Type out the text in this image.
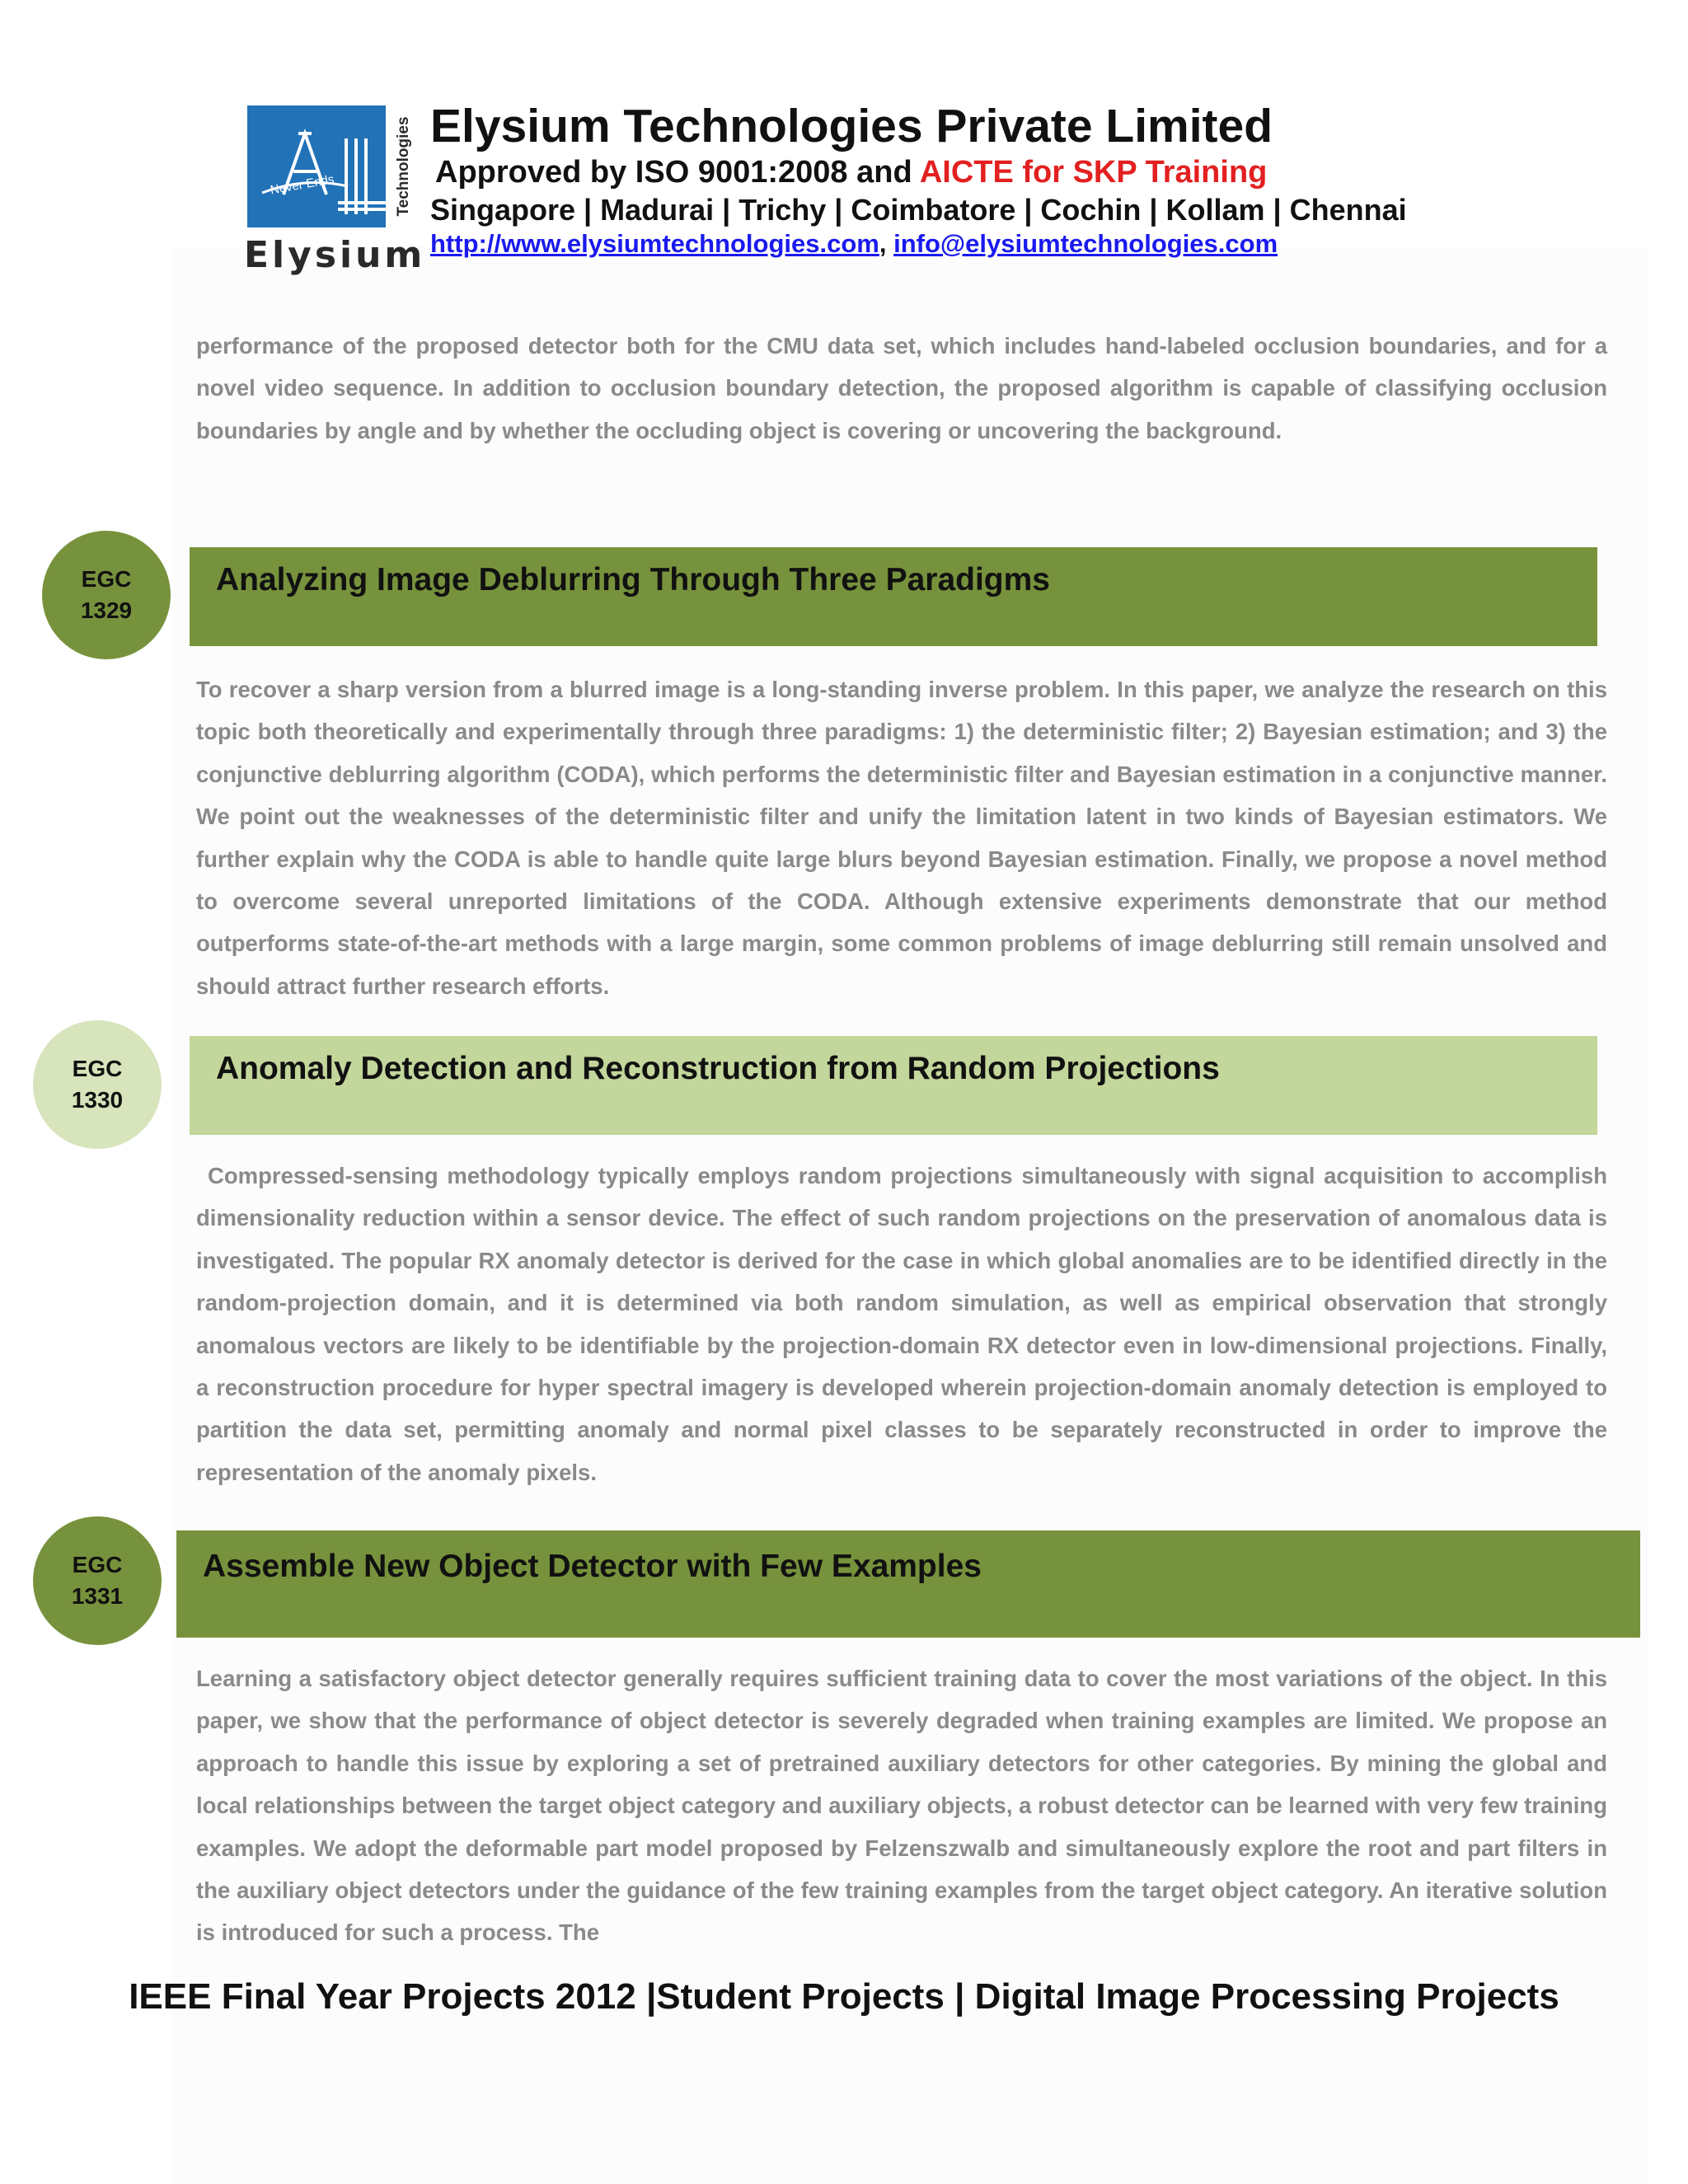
Never Ends	Technologies
Elysium
Elysium Technologies Private Limited
Approved by ISO 9001:2008 and AICTE for SKP Training
Singapore | Madurai | Trichy | Coimbatore | Cochin | Kollam | Chennai
http://www.elysiumtechnologies.com, info@elysiumtechnologies.com

performance of the proposed detector both for the CMU data set, which includes hand-labeled occlusion boundaries, and for a novel video sequence. In addition to occlusion boundary detection, the proposed algorithm is capable of classifying occlusion boundaries by angle and by whether the occluding object is covering or uncovering the background.

Analyzing Image Deblurring Through Three Paradigms
EGC
1329

To recover a sharp version from a blurred image is a long-standing inverse problem. In this paper, we analyze the research on this topic both theoretically and experimentally through three paradigms: 1) the deterministic filter; 2) Bayesian estimation; and 3) the conjunctive deblurring algorithm (CODA), which performs the deterministic filter and Bayesian estimation in a conjunctive manner. We point out the weaknesses of the deterministic filter and unify the limitation latent in two kinds of Bayesian estimators. We further explain why the CODA is able to handle quite large blurs beyond Bayesian estimation. Finally, we propose a novel method to overcome several unreported limitations of the CODA. Although extensive experiments demonstrate that our method outperforms state-of-the-art methods with a large margin, some common problems of image deblurring still remain unsolved and should attract further research efforts.

Anomaly Detection and Reconstruction from Random Projections
EGC
1330

Compressed-sensing methodology typically employs random projections simultaneously with signal acquisition to accomplish dimensionality reduction within a sensor device. The effect of such random projections on the preservation of anomalous data is investigated. The popular RX anomaly detector is derived for the case in which global anomalies are to be identified directly in the random-projection domain, and it is determined via both random simulation, as well as empirical observation that strongly anomalous vectors are likely to be identifiable by the projection-domain RX detector even in low-dimensional projections. Finally, a reconstruction procedure for hyper spectral imagery is developed wherein projection-domain anomaly detection is employed to partition the data set, permitting anomaly and normal pixel classes to be separately reconstructed in order to improve the representation of the anomaly pixels.

Assemble New Object Detector with Few Examples
EGC
1331

Learning a satisfactory object detector generally requires sufficient training data to cover the most variations of the object. In this paper, we show that the performance of object detector is severely degraded when training examples are limited. We propose an approach to handle this issue by exploring a set of pretrained auxiliary detectors for other categories. By mining the global and local relationships between the target object category and auxiliary objects, a robust detector can be learned with very few training examples. We adopt the deformable part model proposed by Felzenszwalb and simultaneously explore the root and part filters in the auxiliary object detectors under the guidance of the few training examples from the target object category. An iterative solution is introduced for such a process. The

IEEE Final Year Projects 2012 |Student Projects | Digital Image Processing Projects
